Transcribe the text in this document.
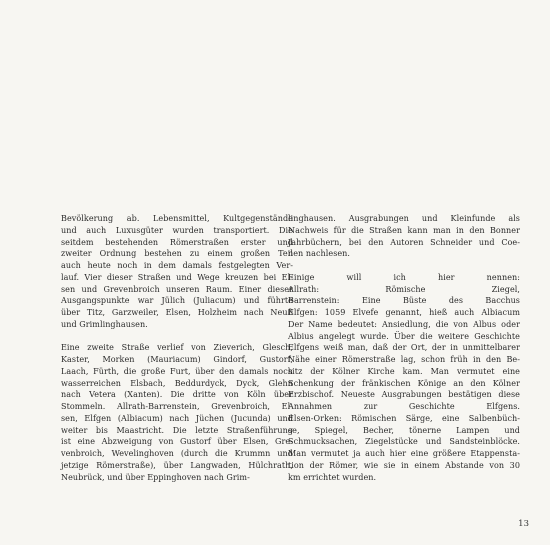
Bevölkerung ab. Lebensmittel, Kultgegenstände
und auch Luxusgüter wurden transportiert. Die
seitdem bestehenden Römerstraßen erster und
zweiter Ordnung bestehen zu einem großen Teil
auch heute noch in dem damals festgelegten Ver-
lauf. Vier dieser Straßen und Wege kreuzen bei El-
sen und Grevenbroich unseren Raum. Einer dieser
Ausgangspunkte war Jülich (Juliacum) und führte
über Titz, Garzweiler, Elsen, Holzheim nach Neuß
und Grimlinghausen.
Eine zweite Straße verlief von Zieverich, Glesch,
Kaster, Morken (Mauriacum) Gindorf, Gustorf,
Laach, Fürth, die große Furt, über den damals noch
wasserreichen Elsbach, Beddurdyck, Dyck, Glehn
nach Vetera (Xanten). Die dritte von Köln über
Stommeln. Allrath-Barrenstein, Grevenbroich, El-
sen, Elfgen (Albiacum) nach Jüchen (Jucunda) und
weiter bis Maastricht. Die letzte Straßenführung
ist eine Abzweigung von Gustorf über Elsen, Gre-
venbroich, Wevelinghoven (durch die Krummn und
jetzige Römerstraße), über Langwaden, Hülchrath,
Neubrück, und über Eppinghoven nach Grim-
linghausen. Ausgrabungen und Kleinfunde als
Nachweis für die Straßen kann man in den Bonner
Jahrbüchern, bei den Autoren Schneider und Coe-
nen nachlesen.
Einige will ich hier nennen:
Allrath: Römische Ziegel,
Barrenstein: Eine Büste des Bacchus
Elfgen: 1059 Elvefe genannt, hieß auch Albiacum
Der Name bedeutet: Ansiedlung, die von Albus oder
Albius angelegt wurde. Über die weitere Geschichte
Elfgens weiß man, daß der Ort, der in unmittelbarer
Nähe einer Römerstraße lag, schon früh in den Be-
sitz der Kölner Kirche kam. Man vermutet eine
Schenkung der fränkischen Könige an den Kölner
Erzbischof. Neueste Ausgrabungen bestätigen diese
Annahmen zur Geschichte Elfgens.
Elsen-Orken: Römischen Särge, eine Salbenbüch-
se, Spiegel, Becher, tönerne Lampen und
Schmucksachen, Ziegelstücke und Sandsteinblöcke.
Man vermutet ja auch hier eine größere Etappensta-
tion der Römer, wie sie in einem Abstande von 30
km errichtet wurden.
13
